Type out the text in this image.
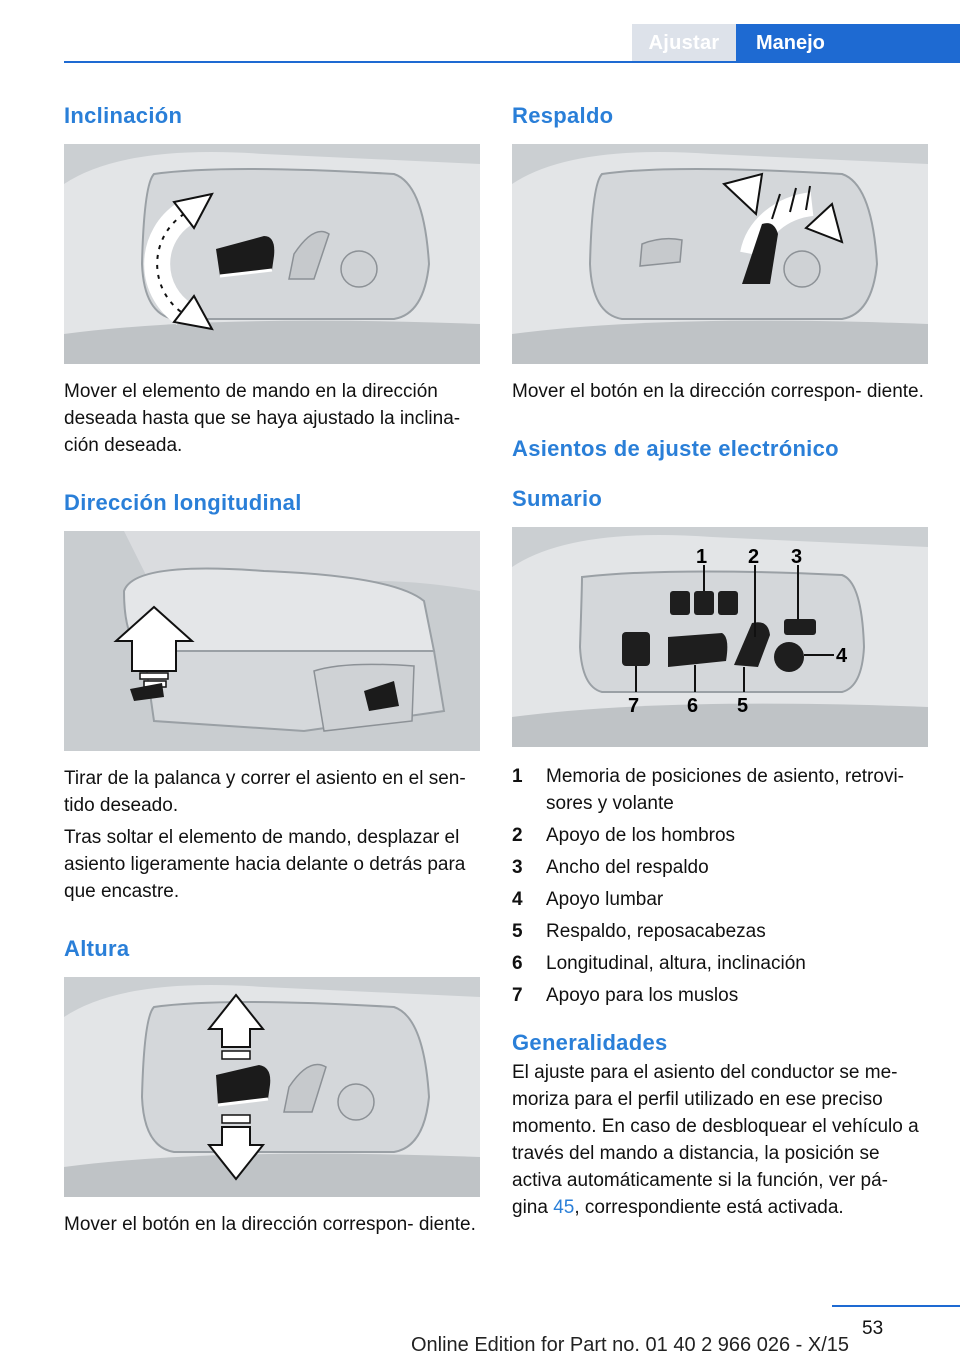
Ajustar Manejo
Inclinación

Mover el elemento de mando en la dirección deseada hasta que se haya ajustado la inclina‐ ción deseada.

Dirección longitudinal

Tirar de la palanca y correr el asiento en el sen‐ tido deseado.

Tras soltar el elemento de mando, desplazar el asiento ligeramente hacia delante o detrás para que encastre.

Altura

Mover el botón en la dirección correspon‐ diente.

Respaldo

Mover el botón en la dirección correspon‐ diente.

Asientos de ajuste electrónico
Sumario
1 2 3
4
5
6
7
1	Memoria de posiciones de asiento, retrovi‐ sores y volante
2	Apoyo de los hombros
3	Ancho del respaldo
4	Apoyo lumbar
5	Respaldo, reposacabezas
6	Longitudinal, altura, inclinación
7	Apoyo para los muslos
Generalidades

El ajuste para el asiento del conductor se me‐ moriza para el perfil utilizado en ese preciso momento. En caso de desbloquear el vehículo a través del mando a distancia, la posición se activa automáticamente si la función, ver pá‐ gina 45, correspondiente está activada.

53
Online Edition for Part no. 01 40 2 966 026 - X/15
